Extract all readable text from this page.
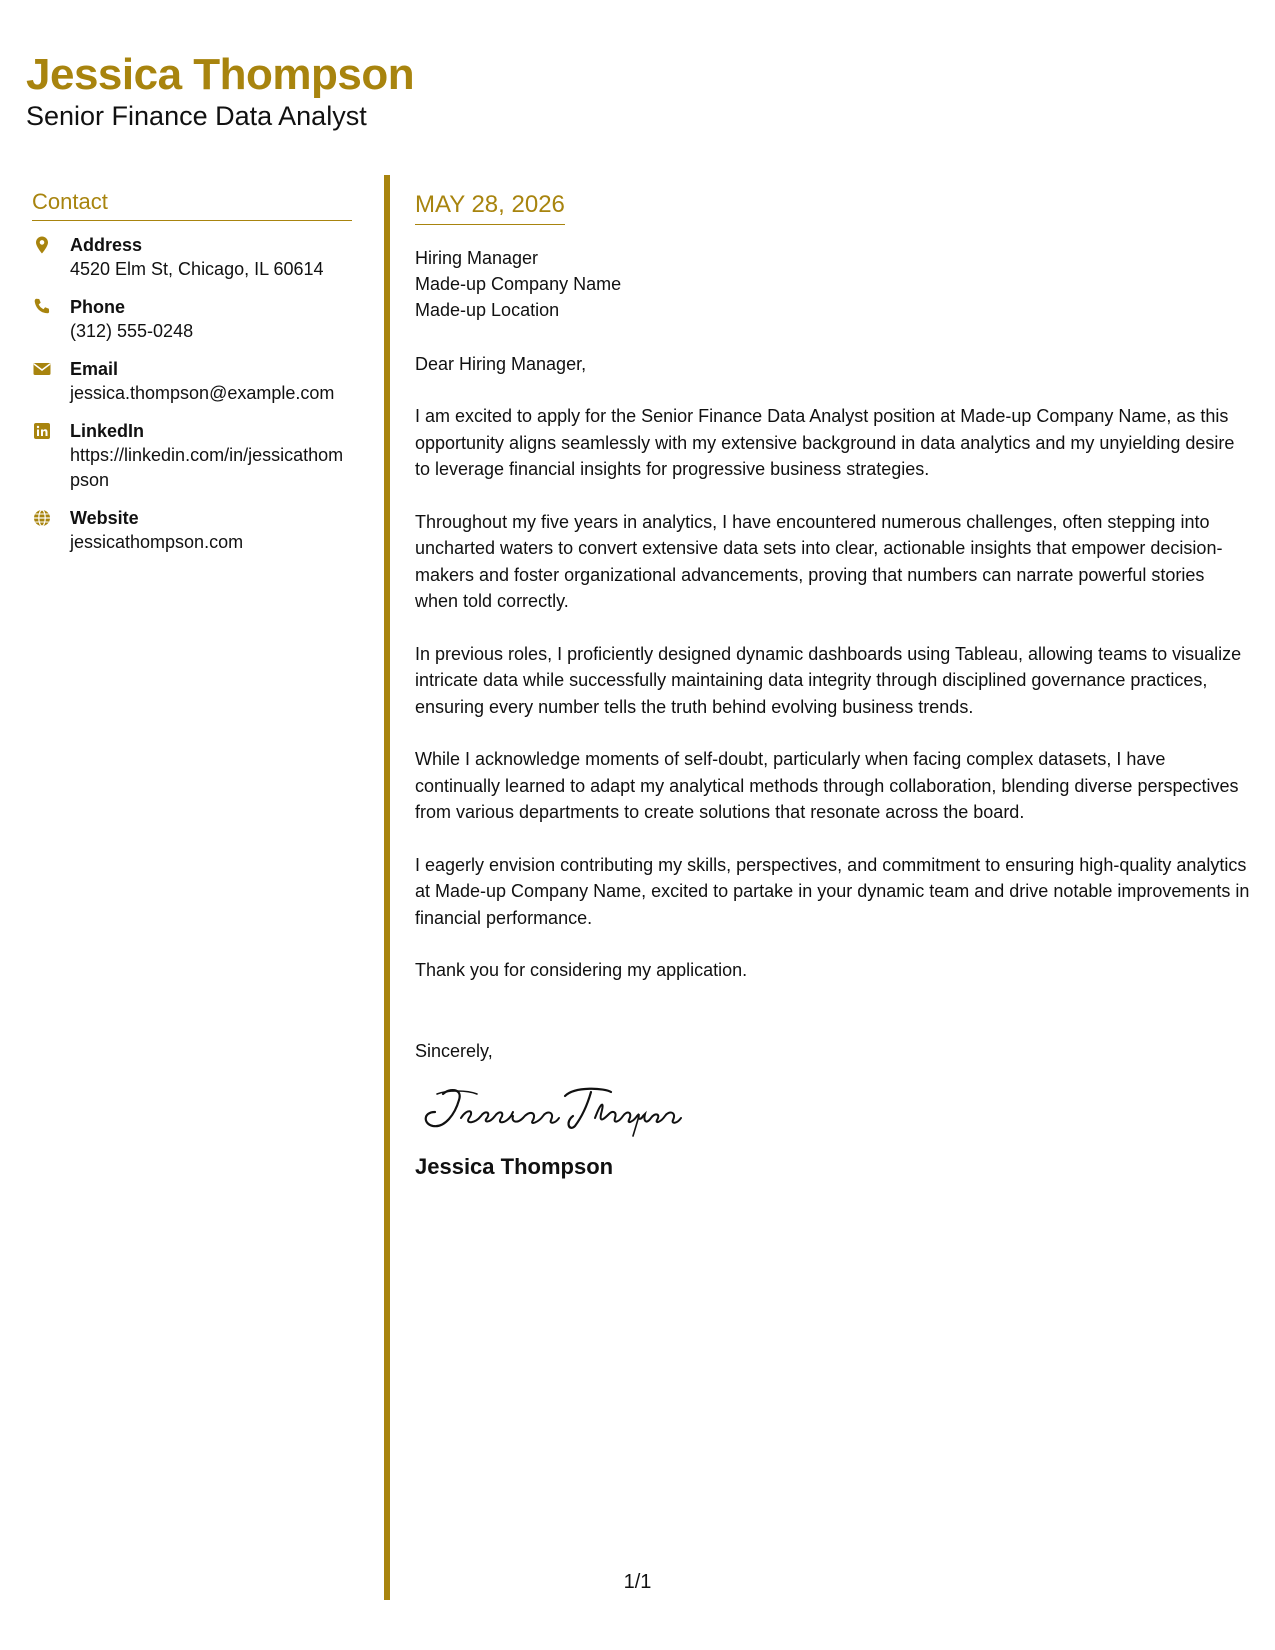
Jessica Thompson
Senior Finance Data Analyst
Contact
Address
4520 Elm St, Chicago, IL 60614
Phone
(312) 555-0248
Email
jessica.thompson@example.com
LinkedIn
https://linkedin.com/in/jessicathompson
Website
jessicathompson.com
MAY 28, 2026
Hiring Manager
Made-up Company Name
Made-up Location
Dear Hiring Manager,

I am excited to apply for the Senior Finance Data Analyst position at Made-up Company Name, as this opportunity aligns seamlessly with my extensive background in data analytics and my unyielding desire to leverage financial insights for progressive business strategies.

Throughout my five years in analytics, I have encountered numerous challenges, often stepping into uncharted waters to convert extensive data sets into clear, actionable insights that empower decision-makers and foster organizational advancements, proving that numbers can narrate powerful stories when told correctly.

In previous roles, I proficiently designed dynamic dashboards using Tableau, allowing teams to visualize intricate data while successfully maintaining data integrity through disciplined governance practices, ensuring every number tells the truth behind evolving business trends.

While I acknowledge moments of self-doubt, particularly when facing complex datasets, I have continually learned to adapt my analytical methods through collaboration, blending diverse perspectives from various departments to create solutions that resonate across the board.

I eagerly envision contributing my skills, perspectives, and commitment to ensuring high-quality analytics at Made-up Company Name, excited to partake in your dynamic team and drive notable improvements in financial performance.

Thank you for considering my application.

Sincerely,
Jessica Thompson
1/1
